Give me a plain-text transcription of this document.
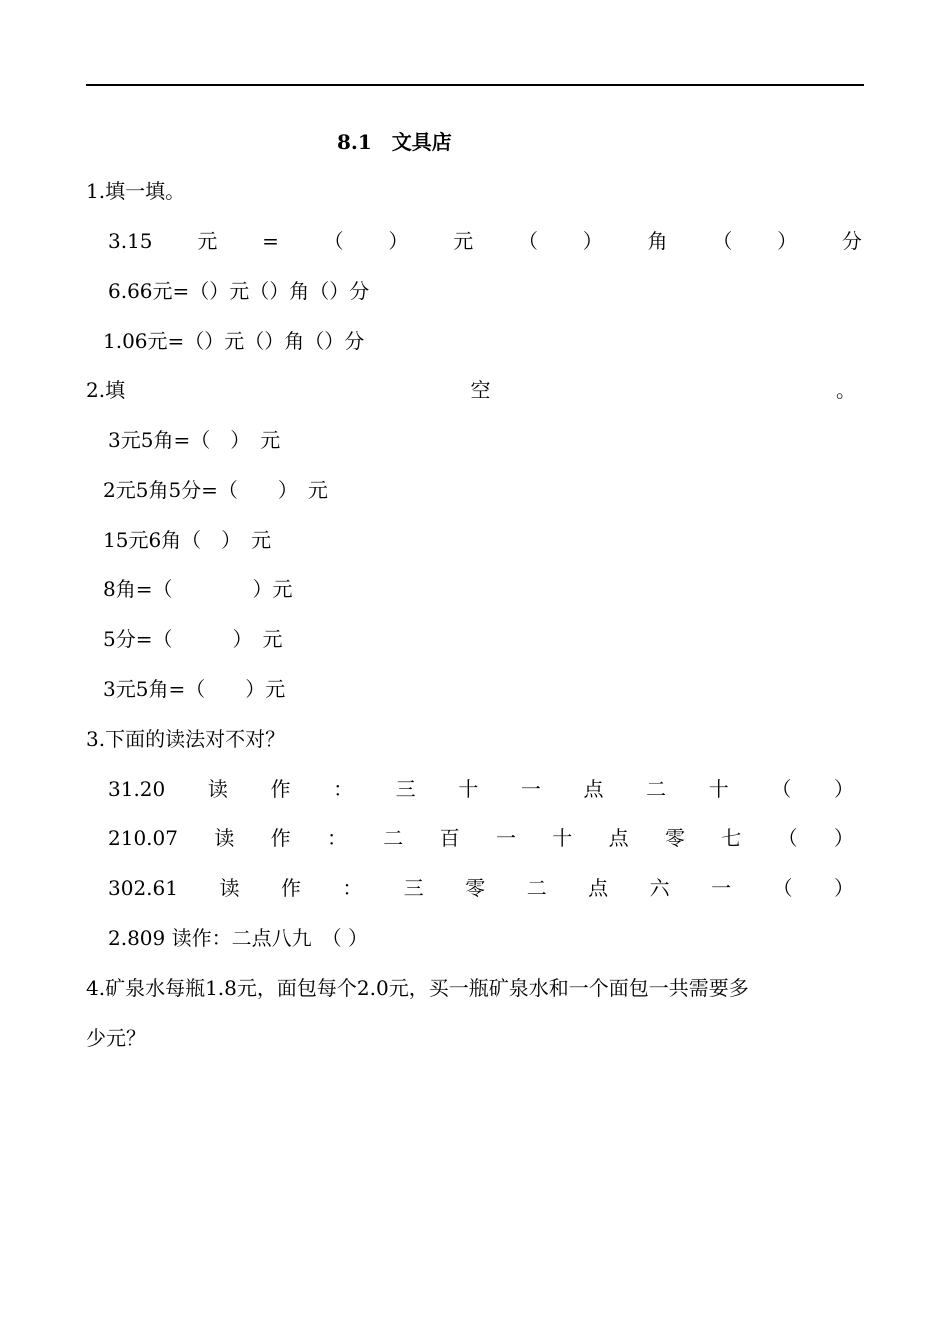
8.1　文具店
1.填一填。
3.15 元 = （ ） 元 （ ） 角 （ ） 分
6.66元=（）元（）角（）分
1.06元=（）元（）角（）分
2.填	空	。
3元5角=（　）　元
2元5角5分=（　　）　元
15元6角（　）　元
8角=（　　　　）元
5分=（　　　）　元
3元5角=（　　）元
3.下面的读法对不对？
31.20 读 作 ： 三 十 一 点 二 十 （ ）
210.07 读 作 ： 二 百 一 十 点 零 七 （ ）
302.61 读 作 ： 三 零 二 点 六 一 （ ）
2.809 读作：二点八九　（ ）
4.矿泉水每瓶1.8元，面包每个2.0元，买一瓶矿泉水和一个面包一共需要多
少元？
